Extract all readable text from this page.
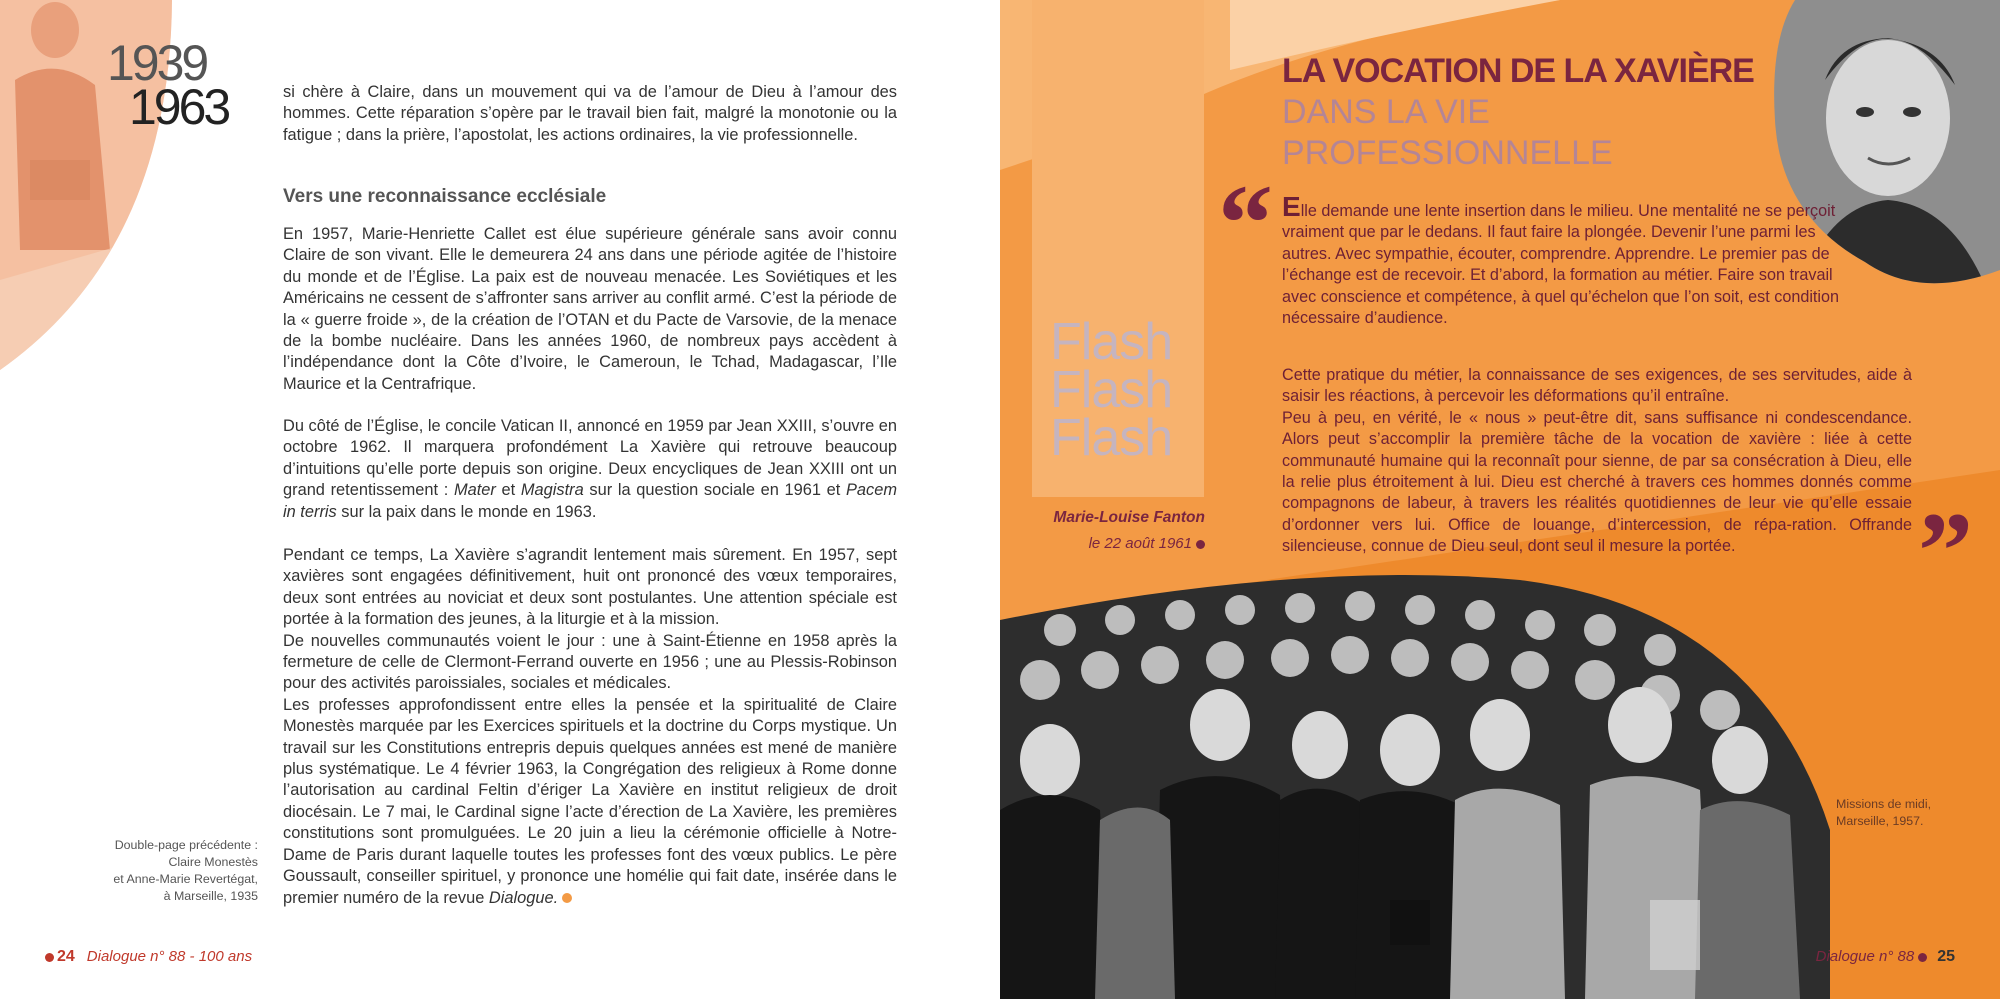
1939
1963	si chère à Claire, dans un mouvement qui va de l’amour de Dieu à l’amour des hommes. Cette réparation s’opère par le travail bien fait, malgré la monotonie ou la fatigue ; dans la prière, l’apostolat, les actions ordinaires, la vie professionnelle.

Vers une reconnaissance ecclésiale

En 1957, Marie-Henriette Callet est élue supérieure générale sans avoir connu Claire de son vivant. Elle le demeurera 24 ans dans une période agitée de l’histoire du monde et de l’Église. La paix est de nouveau menacée. Les Soviétiques et les Américains ne cessent de s’affronter sans arriver au conflit armé. C’est la période de la « guerre froide », de la création de l’OTAN et du Pacte de Varsovie, de la menace de la bombe nucléaire. Dans les années 1960, de nombreux pays accèdent à l’indépendance dont la Côte d’Ivoire, le Cameroun, le Tchad, Madagascar, l’Ile Maurice et la Centrafrique.

Du côté de l’Église, le concile Vatican II, annoncé en 1959 par Jean XXIII, s’ouvre en octobre 1962. Il marquera profondément La Xavière qui retrouve beaucoup d’intuitions qu’elle porte depuis son origine. Deux encycliques de Jean XXIII ont un grand retentissement : Mater et Magistra sur la question sociale en 1961 et Pacem in terris sur la paix dans le monde en 1963.

Pendant ce temps, La Xavière s’agrandit lentement mais sûrement. En 1957, sept xavières sont engagées définitivement, huit ont prononcé des vœux temporaires, deux sont entrées au noviciat et deux sont postulantes. Une attention spéciale est portée à la formation des jeunes, à la liturgie et à la mission.

De nouvelles communautés voient le jour : une à Saint-Étienne en 1958 après la fermeture de celle de Clermont-Ferrand ouverte en 1956 ; une au Plessis-Robinson pour des activités paroissiales, sociales et médicales.

Les professes approfondissent entre elles la pensée et la spiritualité de Claire Monestès marquée par les Exercices spirituels et la doctrine du Corps mystique. Un travail sur les Constitutions entrepris depuis quelques années est mené de manière plus systématique. Le 4 février 1963, la Congrégation des religieux à Rome donne l’autorisation au cardinal Feltin d’ériger La Xavière en institut religieux de droit diocésain. Le 7 mai, le Cardinal signe l’acte d’érection de La Xavière, les premières constitutions sont promulguées. Le 20 juin a lieu la cérémonie officielle à Notre-Dame de Paris durant laquelle toutes les professes font des vœux publics. Le père Goussault, conseiller spirituel, y prononce une homélie qui fait date, insérée dans le premier numéro de la revue Dialogue.

Double-page précédente :

Claire Monestès

et Anne-Marie Revertégat,

à Marseille, 1935

24 Dialogue n° 88 - 100 ans
Flash
Flash
Flash
Marie-Louise Fanton
le 22 août 1961
LA VOCATION DE LA XAVIÈRE
DANS LA VIE PROFESSIONNELLE
“ Elle demande une lente insertion dans le milieu. Une mentalité ne se perçoit vraiment que par le dedans. Il faut faire la plongée. Devenir l’une parmi les autres. Avec sympathie, écouter, comprendre. Apprendre. Le premier pas de l’échange est de recevoir. Et d’abord, la formation au métier. Faire son travail avec conscience et compétence, à quel qu’échelon que l’on soit, est condition nécessaire d’audience.

Cette pratique du métier, la connaissance de ses exigences, de ses servitudes, aide à saisir les réactions, à percevoir les déformations qu’il entraîne.

Peu à peu, en vérité, le « nous » peut-être dit, sans suffisance ni condescendance. Alors peut s’accomplir la première tâche de la vocation de xavière : liée à cette communauté humaine qui la reconnaît pour sienne, de par sa consécration à Dieu, elle la relie plus étroitement à lui. Dieu est cherché à travers ces hommes donnés comme compagnons de labeur, à travers les réalités quotidiennes de leur vie qu’elle essaie d’ordonner vers lui. Office de louange, d’intercession, de répa-ration. Offrande silencieuse, connue de Dieu seul, dont seul il mesure la portée.	”

Missions de midi,

Marseille, 1957.

Dialogue n° 88 25
